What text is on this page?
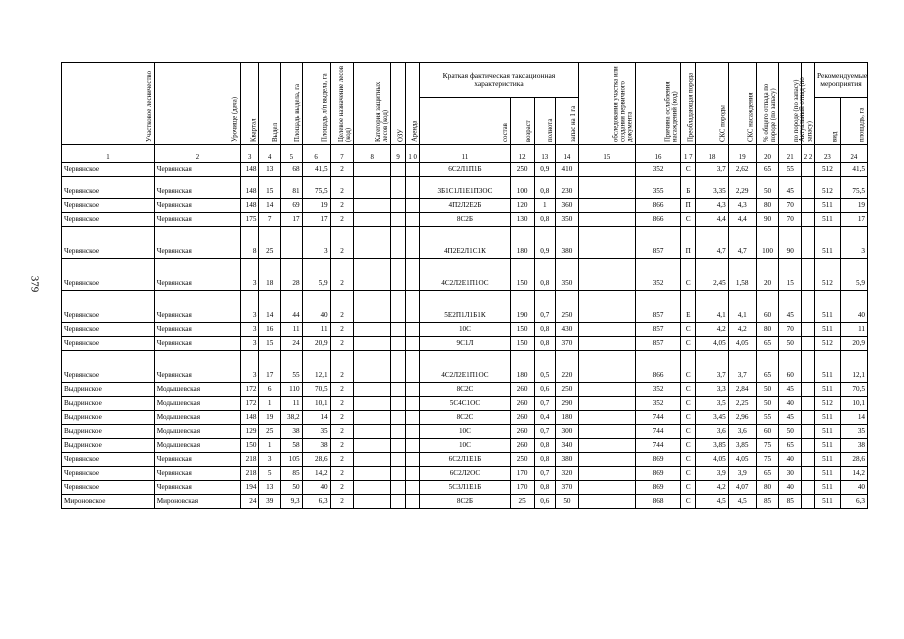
379
Участковое лесничество	Урочище (дача)	Квартал	Выдел	Площадь выдела, га	Площадь л/п выдела, га	Целевое назначение лесов (код)	Категория защитных лесов (код)	ОЗУ	Аренда	Краткая фактическая таксационная характеристика				обследования участка или создания первичного документа	Причина ослабления насаждений (код)	Преобладающая порода	СКС породы	СКС насаждения	% общего отпада по породе (по запасу)	по породе (по запасу)	Актуальный отпад (по запасу)	Рекомендуемые мероприятия	
										состав	возраст	полнота	запас на 1 га									вид	площадь, га
1	2	3	4	5	6	7	8	9	1 0	11	12	13	14	15	16	1 7	18	19	20	21	2 2	23	24
Червянское	Червянская	148	13	68	41,5	2				6С2Л1П1Б	250	0,9	410		352	С	3,7	2,62	65	55		512	41,5
Червянское	Червянская	148	15	81	75,5	2				3Б1С1Л1Е1П3ОС	100	0,8	230		355	Б	3,35	2,29	50	45		512	75,5
Червянское	Червянская	148	14	69	19	2				4П2Л2Е2Б	120	1	360		866	П	4,3	4,3	80	70		511	19
Червянское	Червянская	175	7	17	17	2				8С2Б	130	0,8	350		866	С	4,4	4,4	90	70		511	17
Червянское	Червянская	8	25		3	2				4П2Е2Л1С1К	180	0,9	380		857	П	4,7	4,7	100	90		511	3
Червянское	Червянская	3	18	28	5,9	2				4С2Л2Е1П1ОС	150	0,8	350		352	С	2,45	1,58	20	15		512	5,9
Червянское	Червянская	3	14	44	40	2				5Е2П1Л1Б1К	190	0,7	250		857	Е	4,1	4,1	60	45		511	40
Червянское	Червянская	3	16	11	11	2				10С	150	0,8	430		857	С	4,2	4,2	80	70		511	11
Червянское	Червянская	3	15	24	20,9	2				9С1Л	150	0,8	370		857	С	4,05	4,05	65	50		512	20,9
Червянское	Червянская	3	17	55	12,1	2				4С2Л2Е1П1ОС	180	0,5	220		866	С	3,7	3,7	65	60		511	12,1
Выдринское	Модышевская	172	6	110	70,5	2				8С2С	260	0,6	250		352	С	3,3	2,84	50	45		511	70,5
Выдринское	Модышевская	172	1	11	10,1	2				5С4С1ОС	260	0,7	290		352	С	3,5	2,25	50	40		512	10,1
Выдринское	Модышевская	148	19	38,2	14	2				8С2С	260	0,4	180		744	С	3,45	2,96	55	45		511	14
Выдринское	Модышевская	129	25	38	35	2				10С	260	0,7	300		744	С	3,6	3,6	60	50		511	35
Выдринское	Модышевская	150	1	58	38	2				10С	260	0,8	340		744	С	3,85	3,85	75	65		511	38
Червянское	Червянская	218	3	105	28,6	2				6С2Л1Е1Б	250	0,8	380		869	С	4,05	4,05	75	40		511	28,6
Червянское	Червянская	218	5	85	14,2	2				6С2Л2ОС	170	0,7	320		869	С	3,9	3,9	65	30		511	14,2
Червянское	Червянская	194	13	50	40	2				5С3Л1Е1Б	170	0,8	370		869	С	4,2	4,07	80	40		511	40
Мироновское	Мироновская	24	39	9,3	6,3	2				8С2Б	25	0,6	50		868	С	4,5	4,5	85	85		511	6,3
